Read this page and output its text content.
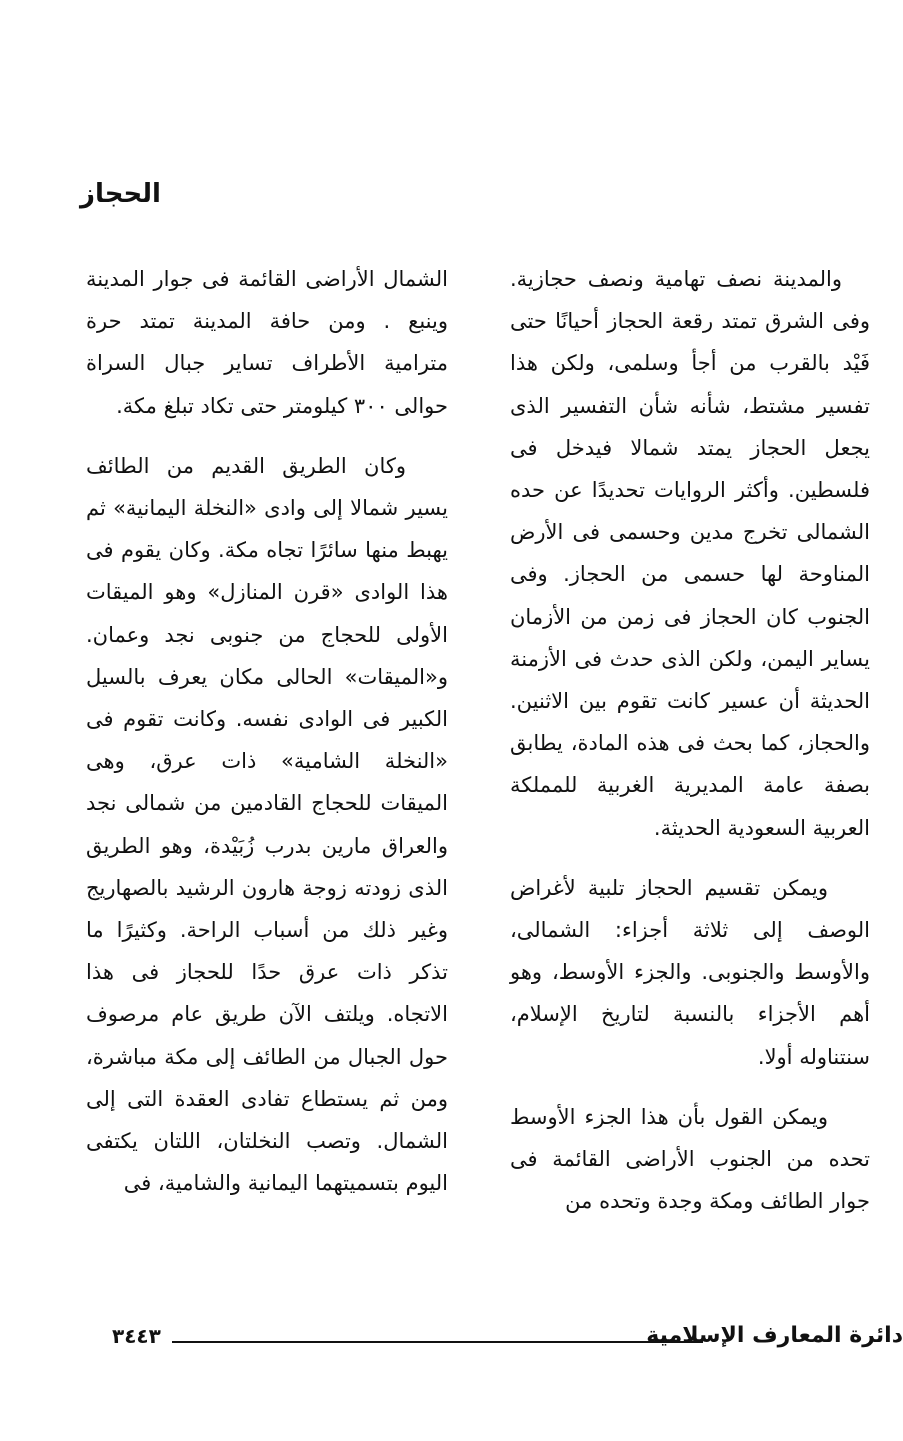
الحجاز

والمدينة نصف تهامية ونصف حجازية. وفى الشرق تمتد رقعة الحجاز أحيانًا حتى فَيْد بالقرب من أجأ وسلمى، ولكن هذا تفسير مشتط، شأنه شأن التفسير الذى يجعل الحجاز يمتد شمالا فيدخل فى فلسطين. وأكثر الروايات تحديدًا عن حده الشمالى تخرج مدين وحسمى فى الأرض المناوحة لها حسمى من الحجاز. وفى الجنوب كان الحجاز فى زمن من الأزمان يساير اليمن، ولكن الذى حدث فى الأزمنة الحديثة أن عسير كانت تقوم بين الاثنين. والحجاز، كما بحث فى هذه المادة، يطابق بصفة عامة المديرية الغربية للمملكة العربية السعودية الحديثة.

ويمكن تقسيم الحجاز تلبية لأغراض الوصف إلى ثلاثة أجزاء: الشمالى، والأوسط والجنوبى. والجزء الأوسط، وهو أهم الأجزاء بالنسبة لتاريخ الإسلام، سنتناوله أولا.

ويمكن القول بأن هذا الجزء الأوسط تحده من الجنوب الأراضى القائمة فى جوار الطائف ومكة وجدة وتحده من

الشمال الأراضى القائمة فى جوار المدينة وينبع . ومن حافة المدينة تمتد حرة مترامية الأطراف تساير جبال السراة حوالى ٣٠٠ كيلومتر حتى تكاد تبلغ مكة.

وكان الطريق القديم من الطائف يسير شمالا إلى وادى «النخلة اليمانية» ثم يهبط منها سائرًا تجاه مكة. وكان يقوم فى هذا الوادى «قرن المنازل» وهو الميقات الأولى للحجاج من جنوبى نجد وعمان. و«الميقات» الحالى مكان يعرف بالسيل الكبير فى الوادى نفسه. وكانت تقوم فى «النخلة الشامية» ذات عرق، وهى الميقات للحجاج القادمين من شمالى نجد والعراق مارين بدرب زُبَيْدة، وهو الطريق الذى زودته زوجة هارون الرشيد بالصهاريج وغير ذلك من أسباب الراحة. وكثيرًا ما تذكر ذات عرق حدًا للحجاز فى هذا الاتجاه. ويلتف الآن طريق عام مرصوف حول الجبال من الطائف إلى مكة مباشرة، ومن ثم يستطاع تفادى العقدة التى إلى الشمال. وتصب النخلتان، اللتان يكتفى اليوم بتسميتهما اليمانية والشامية، فى

دائرة المعارف الإسلامية
٣٤٤٣
